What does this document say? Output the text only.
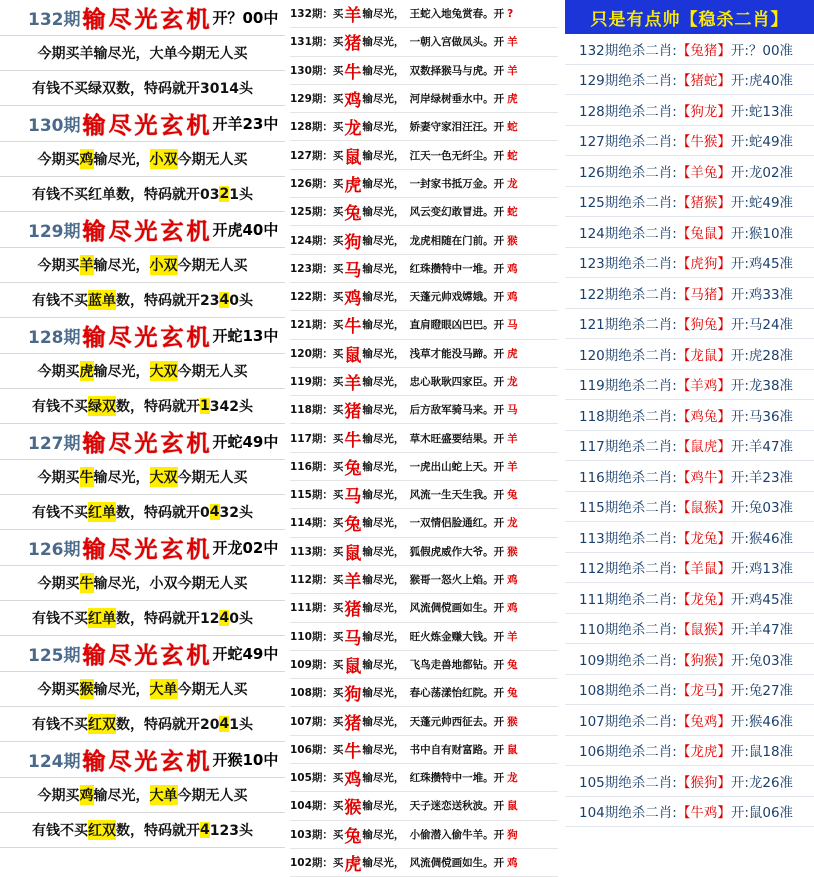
132期 输尽光玄机 开？00中
今期买羊输尽光，大单今期无人买
有钱不买绿双数，特码就开3014头
130期 输尽光玄机 开羊23中
今期买 鸡 输尽光， 小双 今期无人买
有钱不买红单数，特码就开03 2 1头
129期 输尽光玄机 开虎40中
今期买 羊 输尽光， 小双 今期无人买
有钱不买 蓝单 数，特码就开23 4 0头
128期 输尽光玄机 开蛇13中
今期买 虎 输尽光， 大双 今期无人买
有钱不买 绿双 数，特码就开 1 342头
127期 输尽光玄机 开蛇49中
今期买 牛 输尽光， 大双 今期无人买
有钱不买 红单 数，特码就开0 4 32头
126期 输尽光玄机 开龙02中
今期买 牛 输尽光，小双今期无人买
有钱不买 红单 数，特码就开12 4 0头
125期 输尽光玄机 开蛇49中
今期买 猴 输尽光， 大单 今期无人买
有钱不买 红双 数，特码就开20 4 1头
124期 输尽光玄机 开猴10中
今期买 鸡 输尽光， 大单 今期无人买
有钱不买 红双 数，特码就开 4 123头
132期：买 羊 输尽光，　王蛇入地兔赏春。开 ?
131期：买 猪 输尽光，　一朝入宫做凤头。开 羊
130期：买 牛 输尽光，　双数择猴马与虎。开 羊
129期：买 鸡 输尽光，　河岸绿树垂水中。开 虎
128期：买 龙 输尽光，　娇妻守家泪汪汪。开 蛇
127期：买 鼠 输尽光，　江天一色无纤尘。开 蛇
126期：买 虎 输尽光，　一封家书抵万金。开 龙
125期：买 兔 输尽光，　风云变幻敢冒进。开 蛇
124期：买 狗 输尽光，　龙虎相随在门前。开 猴
123期：买 马 输尽光，　红珠攒特中一堆。开 鸡
122期：买 鸡 输尽光，　天蓬元帅戏嫦娥。开 鸡
121期：买 牛 输尽光，　直肩瞪眼凶巴巴。开 马
120期：买 鼠 输尽光，　浅草才能没马蹄。开 虎
119期：买 羊 输尽光，　忠心耿耿四家臣。开 龙
118期：买 猪 输尽光，　后方敌军骑马来。开 马
117期：买 牛 输尽光，　草木旺盛要结果。开 羊
116期：买 兔 输尽光，　一虎出山蛇上天。开 羊
115期：买 马 输尽光，　风流一生天生我。开 兔
114期：买 兔 输尽光，　一双情侣脸通红。开 龙
113期：买 鼠 输尽光，　狐假虎威作大爷。开 猴
112期：买 羊 输尽光，　猴哥一怒火上焰。开 鸡
111期：买 猪 输尽光，　风流倜傥画如生。开 鸡
110期：买 马 输尽光，　旺火炼金赚大钱。开 羊
109期：买 鼠 输尽光，　飞鸟走兽地都钻。开 兔
108期：买 狗 输尽光，　春心荡漾怡红院。开 兔
107期：买 猪 输尽光，　天蓬元帅西征去。开 猴
106期：买 牛 输尽光，　书中自有财富路。开 鼠
105期：买 鸡 输尽光，　红珠攒特中一堆。开 龙
104期：买 猴 输尽光，　天子迷恋送秋波。开 鼠
103期：买 兔 输尽光，　小偷潜入偷牛羊。开 狗
102期：买 虎 输尽光，　风流倜傥画如生。开 鸡
只是有点帅【稳杀二肖】
132期绝杀二肖: 【兔猪】 开:？00准
129期绝杀二肖: 【猪蛇】 开:虎40准
128期绝杀二肖: 【狗龙】 开:蛇13准
127期绝杀二肖: 【牛猴】 开:蛇49准
126期绝杀二肖: 【羊兔】 开:龙02准
125期绝杀二肖: 【猪猴】 开:蛇49准
124期绝杀二肖: 【兔鼠】 开:猴10准
123期绝杀二肖: 【虎狗】 开:鸡45准
122期绝杀二肖: 【马猪】 开:鸡33准
121期绝杀二肖: 【狗兔】 开:马24准
120期绝杀二肖: 【龙鼠】 开:虎28准
119期绝杀二肖: 【羊鸡】 开:龙38准
118期绝杀二肖: 【鸡兔】 开:马36准
117期绝杀二肖: 【鼠虎】 开:羊47准
116期绝杀二肖: 【鸡牛】 开:羊23准
115期绝杀二肖: 【鼠猴】 开:兔03准
113期绝杀二肖: 【龙兔】 开:猴46准
112期绝杀二肖: 【羊鼠】 开:鸡13准
111期绝杀二肖: 【龙兔】 开:鸡45准
110期绝杀二肖: 【鼠猴】 开:羊47准
109期绝杀二肖: 【狗猴】 开:兔03准
108期绝杀二肖: 【龙马】 开:兔27准
107期绝杀二肖: 【兔鸡】 开:猴46准
106期绝杀二肖: 【龙虎】 开:鼠18准
105期绝杀二肖: 【猴狗】 开:龙26准
104期绝杀二肖: 【牛鸡】 开:鼠06准
